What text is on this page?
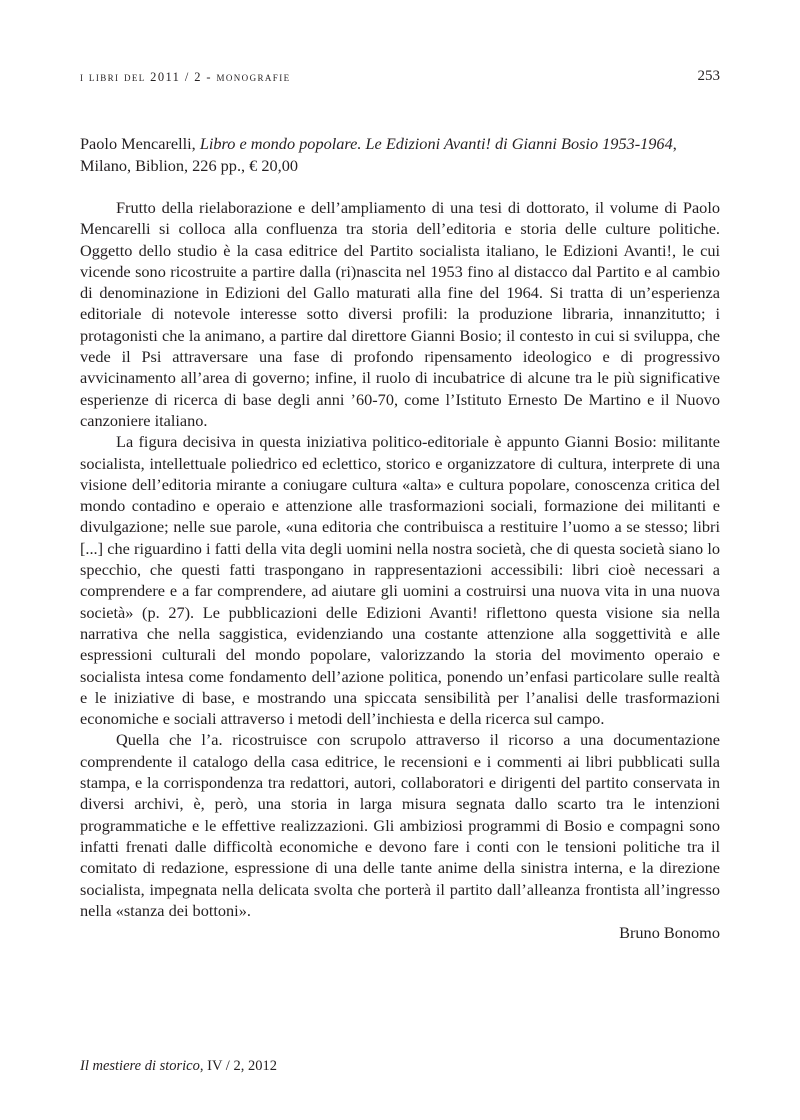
i libri del 2011 / 2 - monografie	253
Paolo Mencarelli, Libro e mondo popolare. Le Edizioni Avanti! di Gianni Bosio 1953-1964, Milano, Biblion, 226 pp., € 20,00

Frutto della rielaborazione e dell’ampliamento di una tesi di dottorato, il volume di Paolo Mencarelli si colloca alla confluenza tra storia dell’editoria e storia delle culture politiche. Oggetto dello studio è la casa editrice del Partito socialista italiano, le Edizioni Avanti!, le cui vicende sono ricostruite a partire dalla (ri)nascita nel 1953 fino al distacco dal Partito e al cambio di denominazione in Edizioni del Gallo maturati alla fine del 1964. Si tratta di un’esperienza editoriale di notevole interesse sotto diversi profili: la produzione libraria, innanzitutto; i protagonisti che la animano, a partire dal direttore Gianni Bosio; il contesto in cui si sviluppa, che vede il Psi attraversare una fase di profondo ripensamento ideologico e di progressivo avvicinamento all’area di governo; infine, il ruolo di incubatrice di alcune tra le più significative esperienze di ricerca di base degli anni ’60-70, come l’Istituto Ernesto De Martino e il Nuovo canzoniere italiano.

La figura decisiva in questa iniziativa politico-editoriale è appunto Gianni Bosio: militante socialista, intellettuale poliedrico ed eclettico, storico e organizzatore di cultura, interprete di una visione dell’editoria mirante a coniugare cultura «alta» e cultura popolare, conoscenza critica del mondo contadino e operaio e attenzione alle trasformazioni sociali, formazione dei militanti e divulgazione; nelle sue parole, «una editoria che contribuisca a restituire l’uomo a se stesso; libri [...] che riguardino i fatti della vita degli uomini nella nostra società, che di questa società siano lo specchio, che questi fatti traspongano in rappresentazioni accessibili: libri cioè necessari a comprendere e a far comprendere, ad aiutare gli uomini a costruirsi una nuova vita in una nuova società» (p. 27). Le pubblicazioni delle Edizioni Avanti! riflettono questa visione sia nella narrativa che nella saggistica, evidenziando una costante attenzione alla soggettività e alle espressioni culturali del mondo popolare, valorizzando la storia del movimento operaio e socialista intesa come fondamento dell’azione politica, ponendo un’enfasi particolare sulle realtà e le iniziative di base, e mostrando una spiccata sensibilità per l’analisi delle trasformazioni economiche e sociali attraverso i metodi dell’inchiesta e della ricerca sul campo.

Quella che l’a. ricostruisce con scrupolo attraverso il ricorso a una documentazione comprendente il catalogo della casa editrice, le recensioni e i commenti ai libri pubblicati sulla stampa, e la corrispondenza tra redattori, autori, collaboratori e dirigenti del partito conservata in diversi archivi, è, però, una storia in larga misura segnata dallo scarto tra le intenzioni programmatiche e le effettive realizzazioni. Gli ambiziosi programmi di Bosio e compagni sono infatti frenati dalle difficoltà economiche e devono fare i conti con le tensioni politiche tra il comitato di redazione, espressione di una delle tante anime della sinistra interna, e la direzione socialista, impegnata nella delicata svolta che porterà il partito dall’alleanza frontista all’ingresso nella «stanza dei bottoni».

Bruno Bonomo
Il mestiere di storico, IV / 2, 2012
